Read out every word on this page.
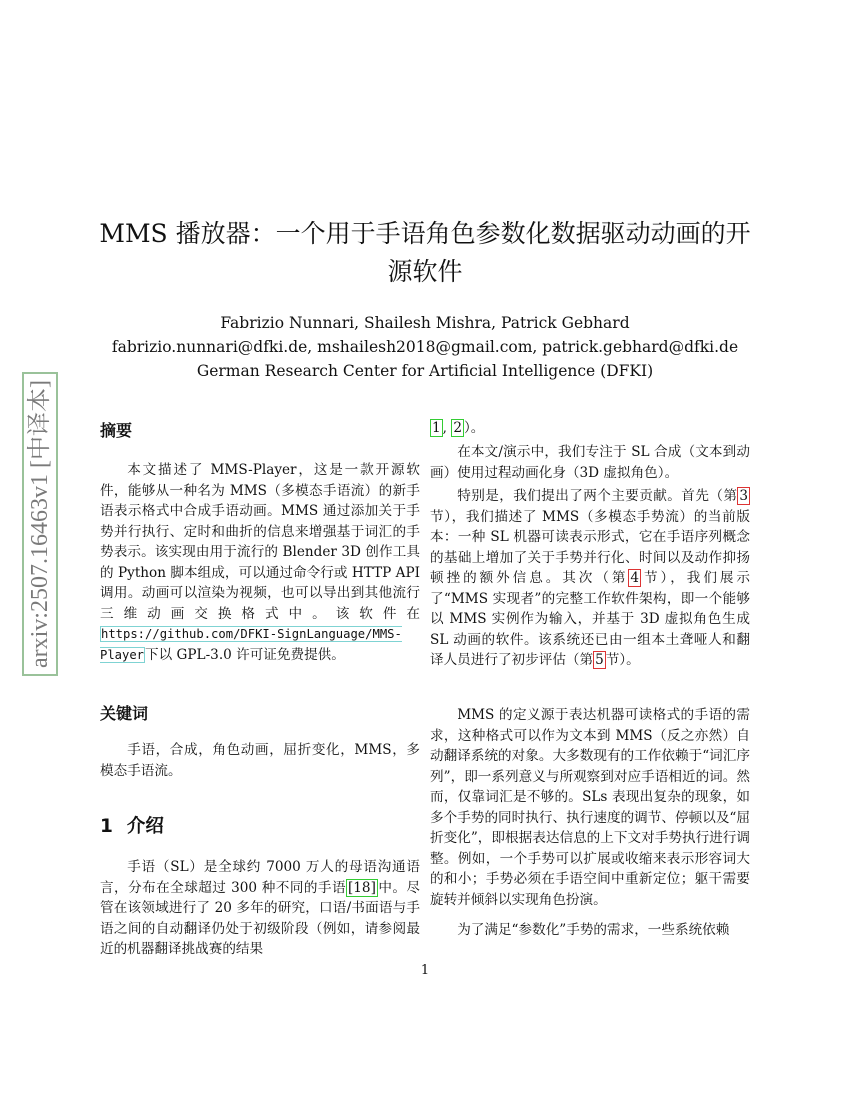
MMS 播放器：一个用于手语角色参数化数据驱动动画的开源软件
Fabrizio Nunnari, Shailesh Mishra, Patrick Gebhard
fabrizio.nunnari@dfki.de, mshailesh2018@gmail.com, patrick.gebhard@dfki.de
German Research Center for Artificial Intelligence (DFKI)
arxiv:2507.16463v1 [中译本]	摘要

本文描述了 MMS-Player，这是一款开源软件，能够从一种名为 MMS（多模态手语流）的新手语表示格式中合成手语动画。MMS 通过添加关于手势并行执行、定时和曲折的信息来增强基于词汇的手势表示。该实现由用于流行的 Blender 3D 创作工具的 Python 脚本组成，可以通过命令行或 HTTP API 调用。动画可以渲染为视频，也可以导出到其他流行三维动画交换格式中。该软件在https://github.com/DFKI-SignLanguage/MMS-Player下以 GPL-3.0 许可证免费提供。

关键词

手语，合成，角色动画，屈折变化，MMS，多模态手语流。

1 介绍

手语（SL）是全球约 7000 万人的母语沟通语言，分布在全球超过 300 种不同的手语 [18] 中。尽管在该领域进行了 20 多年的研究，口语/书面语与手语之间的自动翻译仍处于初级阶段（例如，请参阅最近的机器翻译挑战赛的结果

1 , 2 ）。

在本文/演示中，我们专注于 SL 合成（文本到动画）使用过程动画化身（3D 虚拟角色）。

特别是，我们提出了两个主要贡献。首先（第 3节），我们描述了 MMS（多模态手势流）的当前版本：一种 SL 机器可读表示形式，它在手语序列概念的基础上增加了关于手势并行化、时间以及动作抑扬顿挫的额外信息。其次（第 4 节），我们展示了“MMS 实现者”的完整工作软件架构，即一个能够以 MMS 实例作为输入，并基于 3D 虚拟角色生成 SL 动画的软件。该系统还已由一组本土聋哑人和翻译人员进行了初步评估（第 5 节）。

MMS 的定义源于表达机器可读格式的手语的需求，这种格式可以作为文本到 MMS（反之亦然）自动翻译系统的对象。大多数现有的工作依赖于“词汇序列”，即一系列意义与所观察到对应手语相近的词。然而，仅靠词汇是不够的。SLs 表现出复杂的现象，如多个手势的同时执行、执行速度的调节、停顿以及“屈折变化”，即根据表达信息的上下文对手势执行进行调整。例如，一个手势可以扩展或收缩来表示形容词大的和小；手势必须在手语空间中重新定位；躯干需要旋转并倾斜以实现角色扮演。

为了满足“参数化”手势的需求，一些系统依赖

1
